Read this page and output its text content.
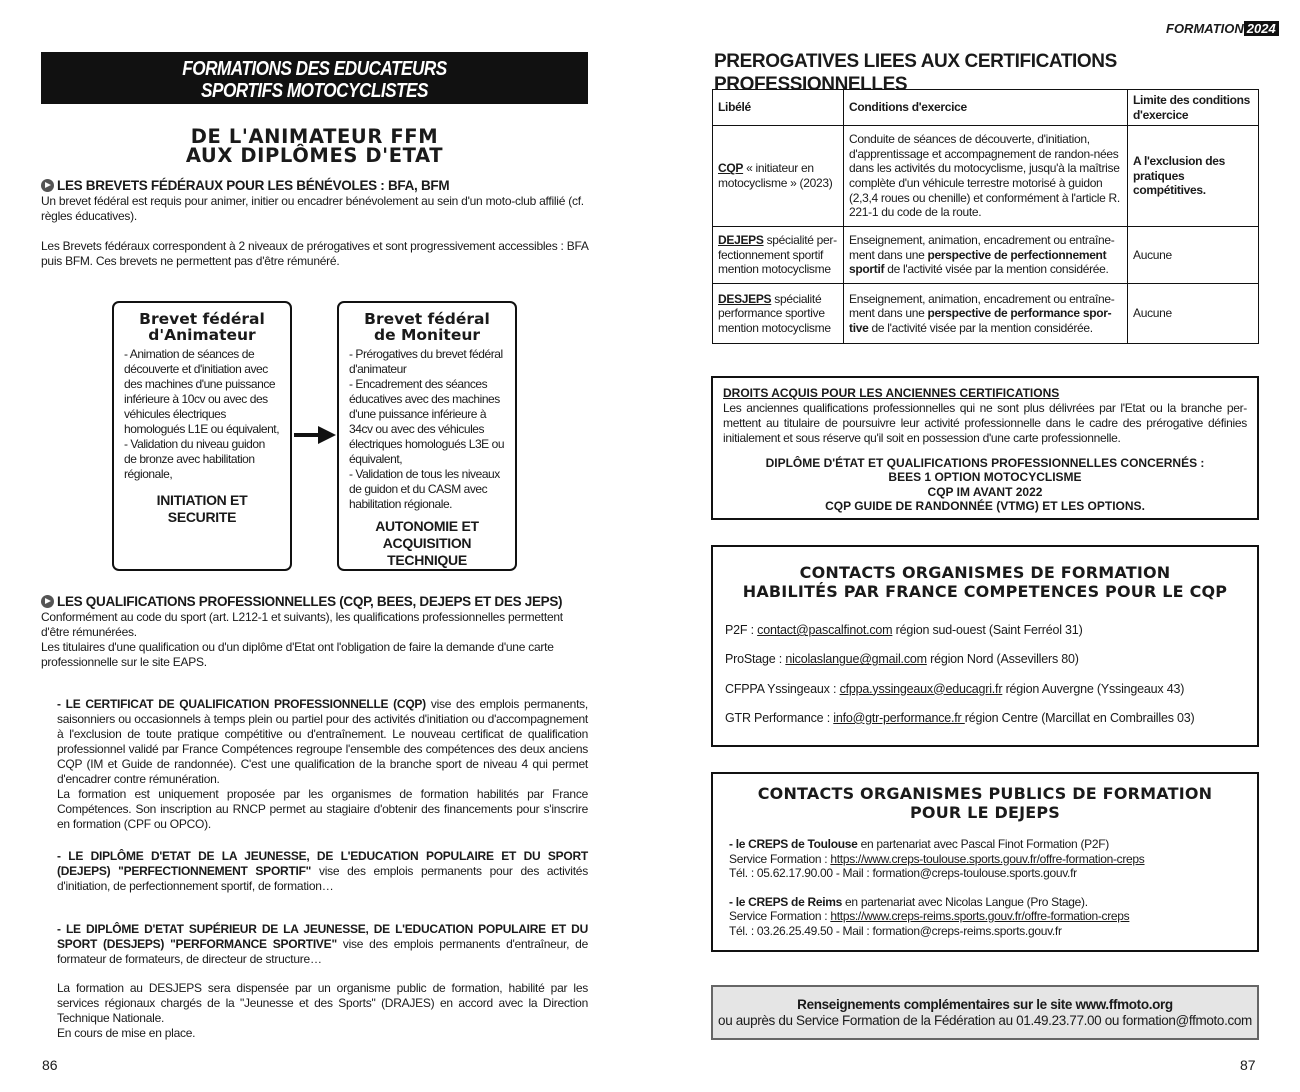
FORMATIONS DES EDUCATEURS
SPORTIFS MOTOCYCLISTES
DE L'ANIMATEUR FFM
AUX DIPLÔMES D'ETAT
LES BREVETS FÉDÉRAUX POUR LES BÉNÉVOLES : BFA, BFM
Un brevet fédéral est requis pour animer, initier ou encadrer bénévolement au sein d'un moto-club affilié (cf. règles éducatives).
Les Brevets fédéraux correspondent à 2 niveaux de prérogatives et sont progressivement accessibles : BFA puis BFM. Ces brevets ne permettent pas d'être rémunéré.
Brevet fédéral
d'Animateur
- Animation de séances de découverte et d'initiation avec des machines d'une puissance inférieure à 10cv ou avec des véhicules électriques homologués L1E ou équivalent,
- Validation du niveau guidon de bronze avec habilitation régionale,
INITIATION ET SECURITE
Brevet fédéral
de Moniteur
- Prérogatives du brevet fédéral d'animateur
- Encadrement des séances éducatives avec des machines d'une puissance inférieure à 34cv ou avec des véhicules électriques homologués L3E ou équivalent,
- Validation de tous les niveaux de guidon et du CASM avec habilitation régionale.
AUTONOMIE ET
ACQUISITION TECHNIQUE
LES QUALIFICATIONS PROFESSIONNELLES (CQP, BEES, DEJEPS ET DES JEPS)
Conformément au code du sport (art. L212-1 et suivants), les qualifications professionnelles permettent d'être rémunérées.
Les titulaires d'une qualification ou d'un diplôme d'Etat ont l'obligation de faire la demande d'une carte professionnelle sur le site EAPS.
- LE CERTIFICAT DE QUALIFICATION PROFESSIONNELLE (CQP) vise des emplois permanents, saisonniers ou occasionnels à temps plein ou partiel pour des activités d'initiation ou d'accompagnement à l'exclusion de toute pratique compétitive ou d'entraînement. Le nouveau certificat de qualification professionnel validé par France Compétences regroupe l'ensemble des compétences des deux anciens CQP (IM et Guide de randonnée). C'est une qualification de la branche sport de niveau 4 qui permet d'encadrer contre rémunération.
La formation est uniquement proposée par les organismes de formation habilités par France Compétences. Son inscription au RNCP permet au stagiaire d'obtenir des financements pour s'inscrire en formation (CPF ou OPCO).
- LE DIPLÔME D'ETAT DE LA JEUNESSE, DE L'EDUCATION POPULAIRE ET DU SPORT (DEJEPS) "PERFECTIONNEMENT SPORTIF" vise des emplois permanents pour des activités d'initiation, de perfectionnement sportif, de formation…
- LE DIPLÔME D'ETAT SUPÉRIEUR DE LA JEUNESSE, DE L'EDUCATION POPULAIRE ET DU SPORT (DESJEPS) "PERFORMANCE SPORTIVE" vise des emplois permanents d'entraîneur, de formateur de formateurs, de directeur de structure…
La formation au DESJEPS sera dispensée par un organisme public de formation, habilité par les services régionaux chargés de la "Jeunesse et des Sports" (DRAJES) en accord avec la Direction Technique Nationale.
En cours de mise en place.
86
FORMATION 2024
PREROGATIVES LIEES AUX CERTIFICATIONS PROFESSIONNELLES
Libélé	Conditions d'exercice	Limite des conditions d'exercice
CQP « initiateur en motocyclisme » (2023)	Conduite de séances de découverte, d'initiation, d'apprentissage et accompagnement de randon-nées dans les activités du motocyclisme, jusqu'à la maîtrise complète d'un véhicule terrestre motorisé à guidon (2,3,4 roues ou chenille) et conformément à l'article R. 221-1 du code de la route.	A l'exclusion des pratiques compétitives.
DEJEPS spécialité per-fectionnement sportif mention motocyclisme	Enseignement, animation, encadrement ou entraîne-ment dans une perspective de perfectionnement sportif de l'activité visée par la mention considérée.	Aucune
DESJEPS spécialité performance sportive mention motocyclisme	Enseignement, animation, encadrement ou entraîne-ment dans une perspective de performance spor-tive de l'activité visée par la mention considérée.	Aucune
DROITS ACQUIS POUR LES ANCIENNES CERTIFICATIONS
Les anciennes qualifications professionnelles qui ne sont plus délivrées par l'Etat ou la branche per-mettent au titulaire de poursuivre leur activité professionnelle dans le cadre des prérogative définies initialement et sous réserve qu'il soit en possession d'une carte professionnelle.
DIPLÔME D'ÉTAT ET QUALIFICATIONS PROFESSIONNELLES CONCERNÉS :
BEES 1 OPTION MOTOCYCLISME
CQP IM AVANT 2022
CQP GUIDE DE RANDONNÉE (VTMG) ET LES OPTIONS.
CONTACTS ORGANISMES DE FORMATION
HABILITÉS PAR FRANCE COMPETENCES POUR LE CQP
P2F : contact@pascalfinot.com région sud-ouest (Saint Ferréol 31)
ProStage : nicolaslangue@gmail.com région Nord (Assevillers 80)
CFPPA Yssingeaux : cfppa.yssingeaux@educagri.fr région Auvergne (Yssingeaux 43)
GTR Performance : info@gtr-performance.fr région Centre (Marcillat en Combrailles 03)
CONTACTS ORGANISMES PUBLICS DE FORMATION
POUR LE DEJEPS
- le CREPS de Toulouse en partenariat avec Pascal Finot Formation (P2F)
Service Formation : https://www.creps-toulouse.sports.gouv.fr/offre-formation-creps
Tél. : 05.62.17.90.00 - Mail : formation@creps-toulouse.sports.gouv.fr
- le CREPS de Reims en partenariat avec Nicolas Langue (Pro Stage).
Service Formation : https://www.creps-reims.sports.gouv.fr/offre-formation-creps
Tél. : 03.26.25.49.50 - Mail : formation@creps-reims.sports.gouv.fr
Renseignements complémentaires sur le site www.ffmoto.org
ou auprès du Service Formation de la Fédération au 01.49.23.77.00 ou formation@ffmoto.com
87
